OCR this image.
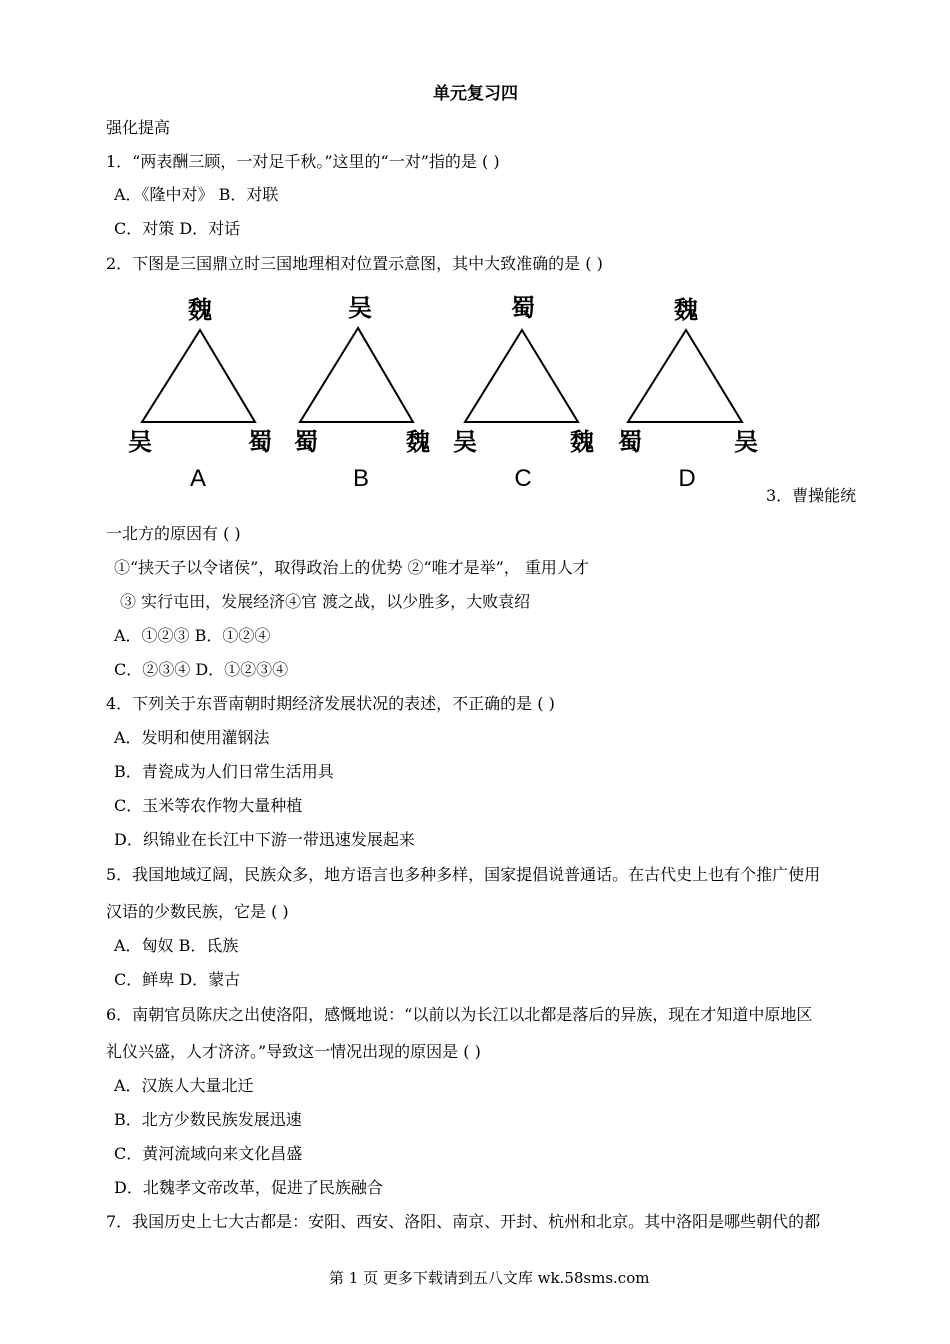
单元复习四
强化提高
1．“两表酬三顾，一对足千秋。”这里的“一对”指的是 ( )
A．《隆中对》 B．对联
C．对策 D．对话
2．下图是三国鼎立时三国地理相对位置示意图，其中大致准确的是 ( )
魏
吴	蜀
A
吴
蜀	魏
B
蜀
吴	魏
C
魏
蜀	吴
D
3．曹操能统
一北方的原因有 ( )
①“挟天子以令诸侯”，取得政治上的优势 ②“唯才是举”， 重用人才
③ 实行屯田，发展经济④官 渡之战，以少胜多，大败袁绍
A．①②③ B．①②④
C．②③④ D．①②③④
4．下列关于东晋南朝时期经济发展状况的表述，不正确的是 ( )
A．发明和使用灌钢法
B．青瓷成为人们日常生活用具
C．玉米等农作物大量种植
D．织锦业在长江中下游一带迅速发展起来
5．我国地域辽阔，民族众多，地方语言也多种多样，国家提倡说普通话。在古代史上也有个推广使用
汉语的少数民族，它是 ( )
A．匈奴 B．氐族
C．鲜卑 D．蒙古
6．南朝官员陈庆之出使洛阳，感慨地说：“以前以为长江以北都是落后的异族，现在才知道中原地区
礼仪兴盛，人才济济。”导致这一情况出现的原因是 ( )
A．汉族人大量北迁
B．北方少数民族发展迅速
C．黄河流域向来文化昌盛
D．北魏孝文帝改革，促进了民族融合
7．我国历史上七大古都是：安阳、西安、洛阳、南京、开封、杭州和北京。其中洛阳是哪些朝代的都
第 1 页 更多下载请到五八文库 wk.58sms.com
